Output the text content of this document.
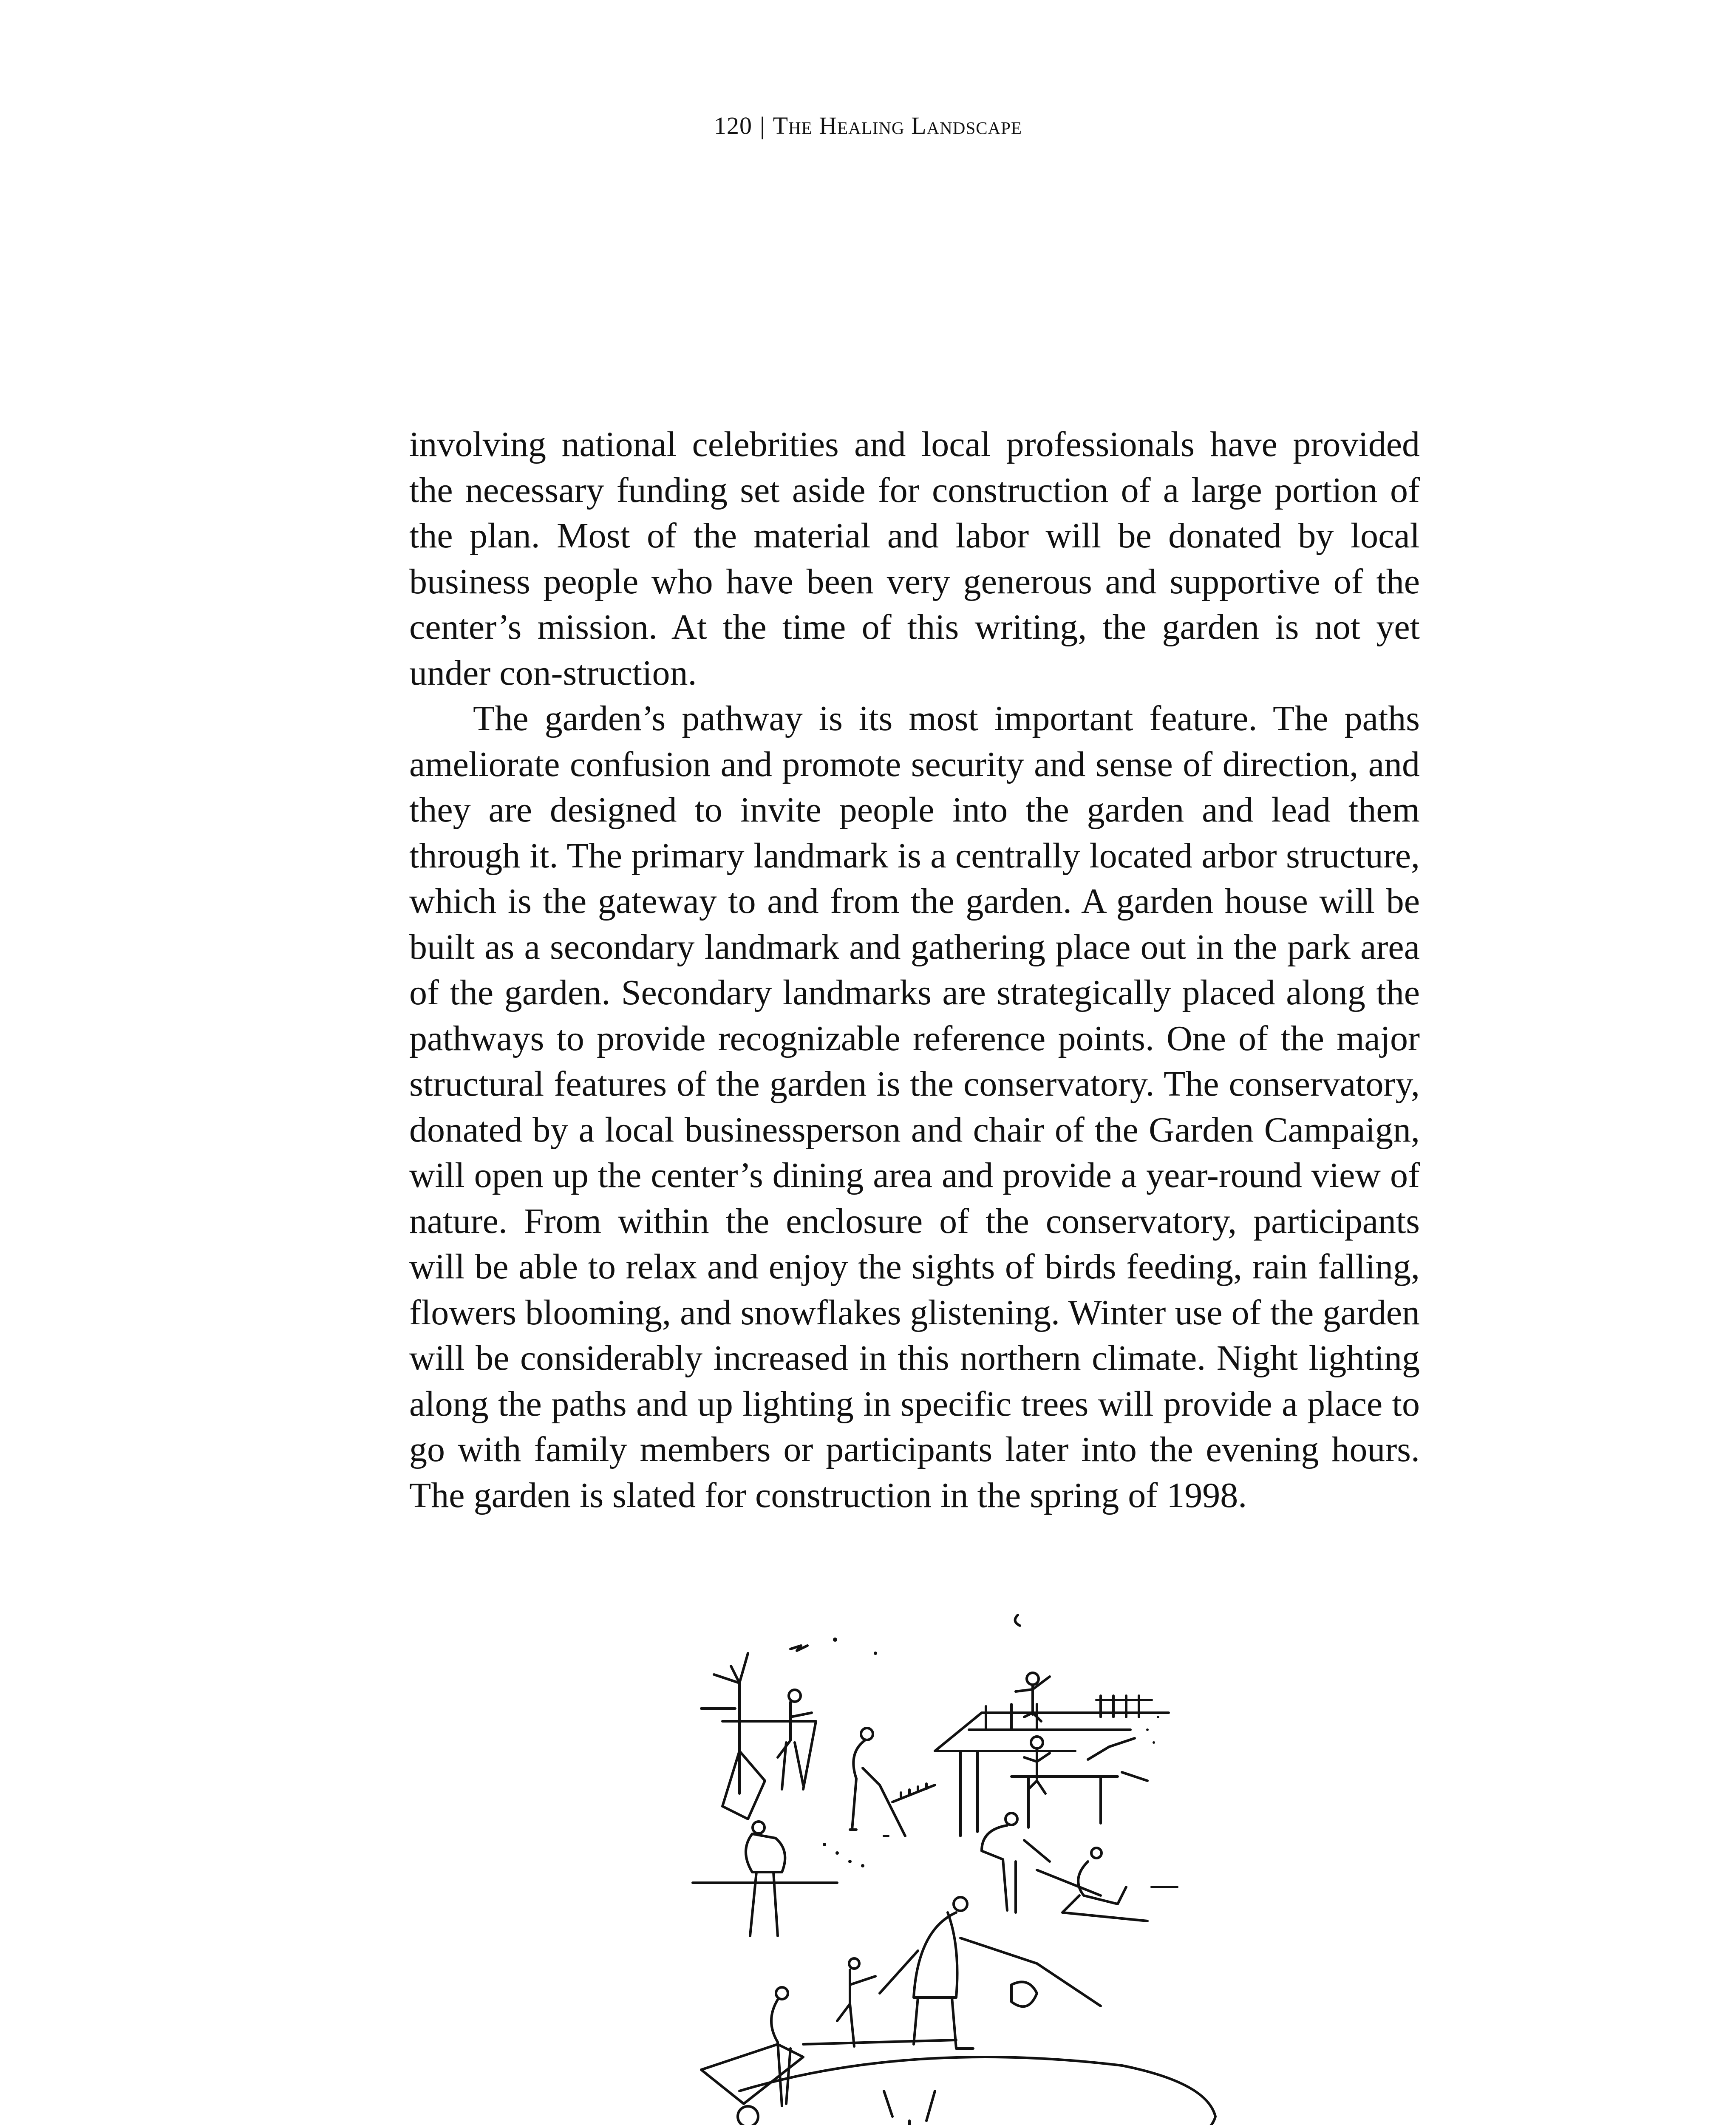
120 | The Healing Landscape

involving national celebrities and local professionals have provided the necessary funding set aside for construction of a large portion of the plan. Most of the material and labor will be donated by local business people who have been very generous and supportive of the center’s mission. At the time of this writing, the garden is not yet under con-struction.

The garden’s pathway is its most important feature. The paths ameliorate confusion and promote security and sense of direction, and they are designed to invite people into the garden and lead them through it. The primary landmark is a centrally located arbor structure, which is the gateway to and from the garden. A garden house will be built as a secondary landmark and gathering place out in the park area of the garden. Secondary landmarks are strategically placed along the pathways to provide recognizable reference points. One of the major structural features of the garden is the conservatory. The conservatory, donated by a local businessperson and chair of the Garden Campaign, will open up the center’s dining area and provide a year-round view of nature. From within the enclosure of the conservatory, participants will be able to relax and enjoy the sights of birds feeding, rain falling, flowers blooming, and snowflakes glistening. Winter use of the garden will be considerably increased in this northern climate. Night lighting along the paths and up lighting in specific trees will provide a place to go with family members or participants later into the evening hours. The garden is slated for construction in the spring of 1998.
